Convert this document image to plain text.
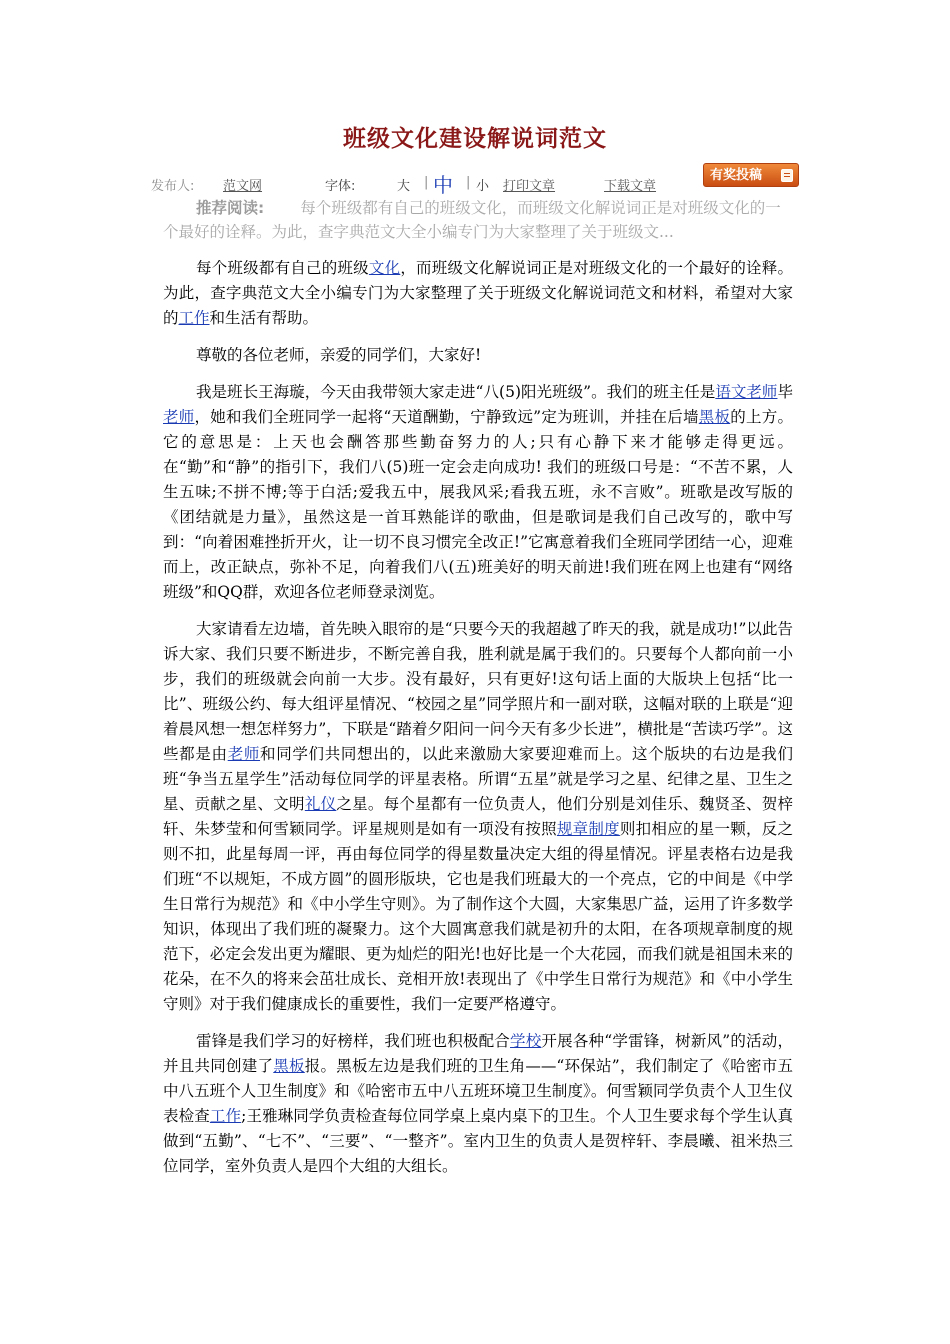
班级文化建设解说词范文
发布人: 范文网	字体:	大 | 中 | 小 打印文章	下载文章
有奖投稿
推荐阅读: 每个班级都有自己的班级文化，而班级文化解说词正是对班级文化的一个最好的诠释。为此，查字典范文大全小编专门为大家整理了关于班级文...

每个班级都有自己的班级文化，而班级文化解说词正是对班级文化的一个最好的诠释。为此，查字典范文大全小编专门为大家整理了关于班级文化解说词范文和材料，希望对大家的工作和生活有帮助。

尊敬的各位老师，亲爱的同学们，大家好!

我是班长王海璇，今天由我带领大家走进“八(5)阳光班级”。我们的班主任是语文老师毕老师，她和我们全班同学一起将“天道酬勤，宁静致远”定为班训，并挂在后墙黑板的上方。它的意思是：上天也会酬答那些勤奋努力的人;只有心静下来才能够走得更远。在“勤”和“静”的指引下，我们八(5)班一定会走向成功! 我们的班级口号是：“不苦不累，人生五味;不拼不博;等于白活;爱我五中，展我风采;看我五班，永不言败”。班歌是改写版的《团结就是力量》，虽然这是一首耳熟能详的歌曲，但是歌词是我们自己改写的，歌中写到：“向着困难挫折开火，让一切不良习惯完全改正!”它寓意着我们全班同学团结一心，迎难而上，改正缺点，弥补不足，向着我们八(五)班美好的明天前进!我们班在网上也建有“网络班级”和QQ群，欢迎各位老师登录浏览。

大家请看左边墙，首先映入眼帘的是“只要今天的我超越了昨天的我，就是成功!”以此告诉大家、我们只要不断进步，不断完善自我，胜利就是属于我们的。只要每个人都向前一小步，我们的班级就会向前一大步。没有最好，只有更好!这句话上面的大版块上包括“比一比”、班级公约、每大组评星情况、“校园之星”同学照片和一副对联，这幅对联的上联是“迎着晨风想一想怎样努力”，下联是“踏着夕阳问一问今天有多少长进”，横批是“苦读巧学”。这些都是由老师和同学们共同想出的，以此来激励大家要迎难而上。这个版块的右边是我们班“争当五星学生”活动每位同学的评星表格。所谓“五星”就是学习之星、纪律之星、卫生之星、贡献之星、文明礼仪之星。每个星都有一位负责人，他们分别是刘佳乐、魏贤圣、贺梓轩、朱梦莹和何雪颖同学。评星规则是如有一项没有按照规章制度则扣相应的星一颗，反之则不扣，此星每周一评，再由每位同学的得星数量决定大组的得星情况。评星表格右边是我们班“不以规矩，不成方圆”的圆形版块，它也是我们班最大的一个亮点，它的中间是《中学生日常行为规范》和《中小学生守则》。为了制作这个大圆，大家集思广益，运用了许多数学知识，体现出了我们班的凝聚力。这个大圆寓意我们就是初升的太阳，在各项规章制度的规范下，必定会发出更为耀眼、更为灿烂的阳光!也好比是一个大花园，而我们就是祖国未来的花朵，在不久的将来会茁壮成长、竞相开放!表现出了《中学生日常行为规范》和《中小学生守则》对于我们健康成长的重要性，我们一定要严格遵守。

雷锋是我们学习的好榜样，我们班也积极配合学校开展各种“学雷锋，树新风”的活动，并且共同创建了黑板报。黑板左边是我们班的卫生角——“环保站”，我们制定了《哈密市五中八五班个人卫生制度》和《哈密市五中八五班环境卫生制度》。何雪颖同学负责个人卫生仪表检查工作;王雅琳同学负责检查每位同学桌上桌内桌下的卫生。个人卫生要求每个学生认真做到“五勤”、“七不”、“三要”、“一整齐”。室内卫生的负责人是贺梓轩、李晨曦、祖米热三位同学，室外负责人是四个大组的大组长。
